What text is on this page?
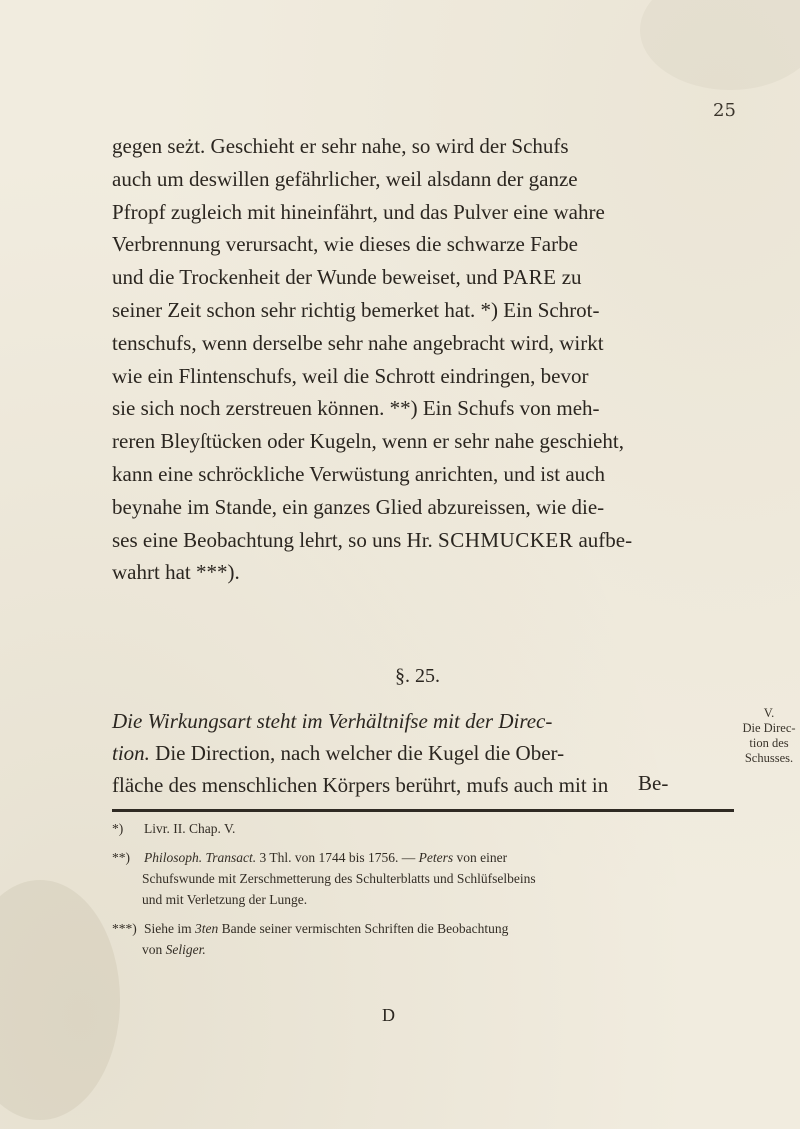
25

gegen seżt. Geschieht er sehr nahe, so wird der Schufs
auch um deswillen gefährlicher, weil alsdann der ganze
Pfropf zugleich mit hineinfährt, und das Pulver eine wahre
Verbrennung verursacht, wie dieses die schwarze Farbe
und die Trockenheit der Wunde beweiset, und PARE zu
seiner Zeit schon sehr richtig bemerket hat. *) Ein Schrot-
tenschufs, wenn derselbe sehr nahe angebracht wird, wirkt
wie ein Flintenschufs, weil die Schrott eindringen, bevor
sie sich noch zerstreuen können. **) Ein Schufs von meh-
reren Bleyſtücken oder Kugeln, wenn er sehr nahe geschieht,
kann eine schröckliche Verwüstung anrichten, und ist auch
beynahe im Stande, ein ganzes Glied abzureissen, wie die-
ses eine Beobachtung lehrt, so uns Hr. SCHMUCKER aufbe-
wahrt hat ***).

§. 25.

Die Wirkungsart steht im Verhältnifse mit der Direc-
tion. Die Direction, nach welcher die Kugel die Ober-
fläche des menschlichen Körpers berührt, mufs auch mit in	Be-
V.
Die Direc-
tion des
Schusses.

*) Livr. II. Chap. V.

**) Philosoph. Transact. 3 Thl. von 1744 bis 1756. — Peters von einer
Schufswunde mit Zerschmetterung des Schulterblatts und Schlüfselbeins
und mit Verletzung der Lunge.

***) Siehe im 3ten Bande seiner vermischten Schriften die Beobachtung
von Seliger.

D
